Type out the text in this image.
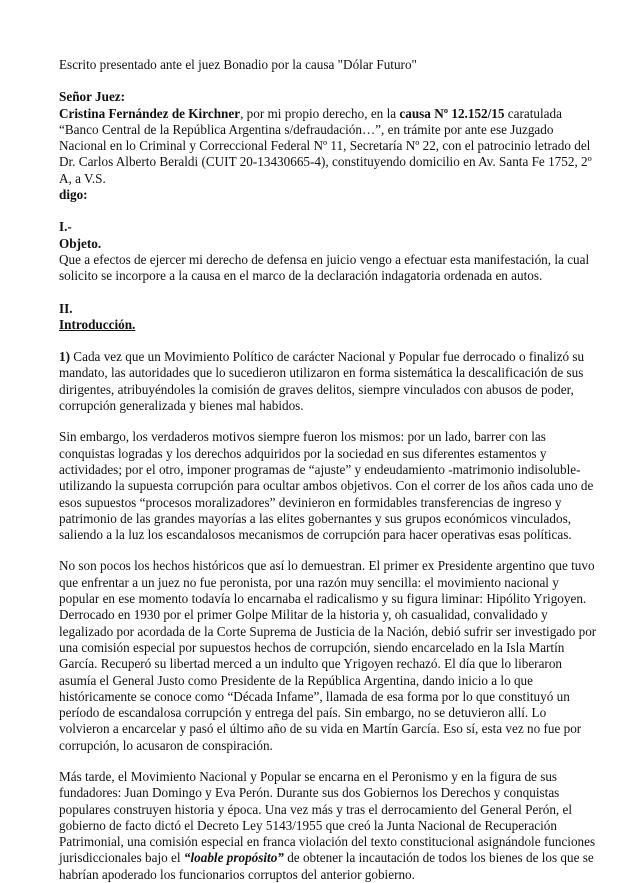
Escrito presentado ante el juez Bonadio por la causa "Dólar Futuro"

Señor Juez:

Cristina Fernández de Kirchner, por mi propio derecho, en la causa Nº 12.152/15 caratulada “Banco Central de la República Argentina s/defraudación…”, en trámite por ante ese Juzgado Nacional en lo Criminal y Correccional Federal Nº 11, Secretaría Nº 22, con el patrocinio letrado del Dr. Carlos Alberto Beraldi (CUIT 20-13430665-4), constituyendo domicilio en Av. Santa Fe 1752, 2º A, a V.S.

digo:

I.-

Objeto.

Que a efectos de ejercer mi derecho de defensa en juicio vengo a efectuar esta manifestación, la cual solicito se incorpore a la causa en el marco de la declaración indagatoria ordenada en autos.

II.

Introducción.

1) Cada vez que un Movimiento Político de carácter Nacional y Popular fue derrocado o finalizó su mandato, las autoridades que lo sucedieron utilizaron en forma sistemática la descalificación de sus dirigentes, atribuyéndoles la comisión de graves delitos, siempre vinculados con abusos de poder, corrupción generalizada y bienes mal habidos.

Sin embargo, los verdaderos motivos siempre fueron los mismos: por un lado, barrer con las conquistas logradas y los derechos adquiridos por la sociedad en sus diferentes estamentos y actividades; por el otro, imponer programas de “ajuste” y endeudamiento -matrimonio indisoluble- utilizando la supuesta corrupción para ocultar ambos objetivos. Con el correr de los años cada uno de esos supuestos “procesos moralizadores” devinieron en formidables transferencias de ingreso y patrimonio de las grandes mayorías a las elites gobernantes y sus grupos económicos vinculados, saliendo a la luz los escandalosos mecanismos de corrupción para hacer operativas esas políticas.

No son pocos los hechos históricos que así lo demuestran. El primer ex Presidente argentino que tuvo que enfrentar a un juez no fue peronista, por una razón muy sencilla: el movimiento nacional y popular en ese momento todavía lo encarnaba el radicalismo y su figura liminar: Hipólito Yrigoyen. Derrocado en 1930 por el primer Golpe Militar de la historia y, oh casualidad, convalidado y legalizado por acordada de la Corte Suprema de Justicia de la Nación, debió sufrir ser investigado por una comisión especial por supuestos hechos de corrupción, siendo encarcelado en la Isla Martín García. Recuperó su libertad merced a un indulto que Yrigoyen rechazó. El día que lo liberaron asumía el General Justo como Presidente de la República Argentina, dando inicio a lo que históricamente se conoce como “Década Infame”, llamada de esa forma por lo que constituyó un período de escandalosa corrupción y entrega del país. Sin embargo, no se detuvieron allí. Lo volvieron a encarcelar y pasó el último año de su vida en Martín García. Eso sí, esta vez no fue por corrupción, lo acusaron de conspiración.

Más tarde, el Movimiento Nacional y Popular se encarna en el Peronismo y en la figura de sus fundadores: Juan Domingo y Eva Perón. Durante sus dos Gobiernos los Derechos y conquistas populares construyen historia y época. Una vez más y tras el derrocamiento del General Perón, el gobierno de facto dictó el Decreto Ley 5143/1955 que creó la Junta Nacional de Recuperación Patrimonial, una comisión especial en franca violación del texto constitucional asignándole funciones jurisdiccionales bajo el “loable propósito” de obtener la incautación de todos los bienes de los que se habrían apoderado los funcionarios corruptos del anterior gobierno.
